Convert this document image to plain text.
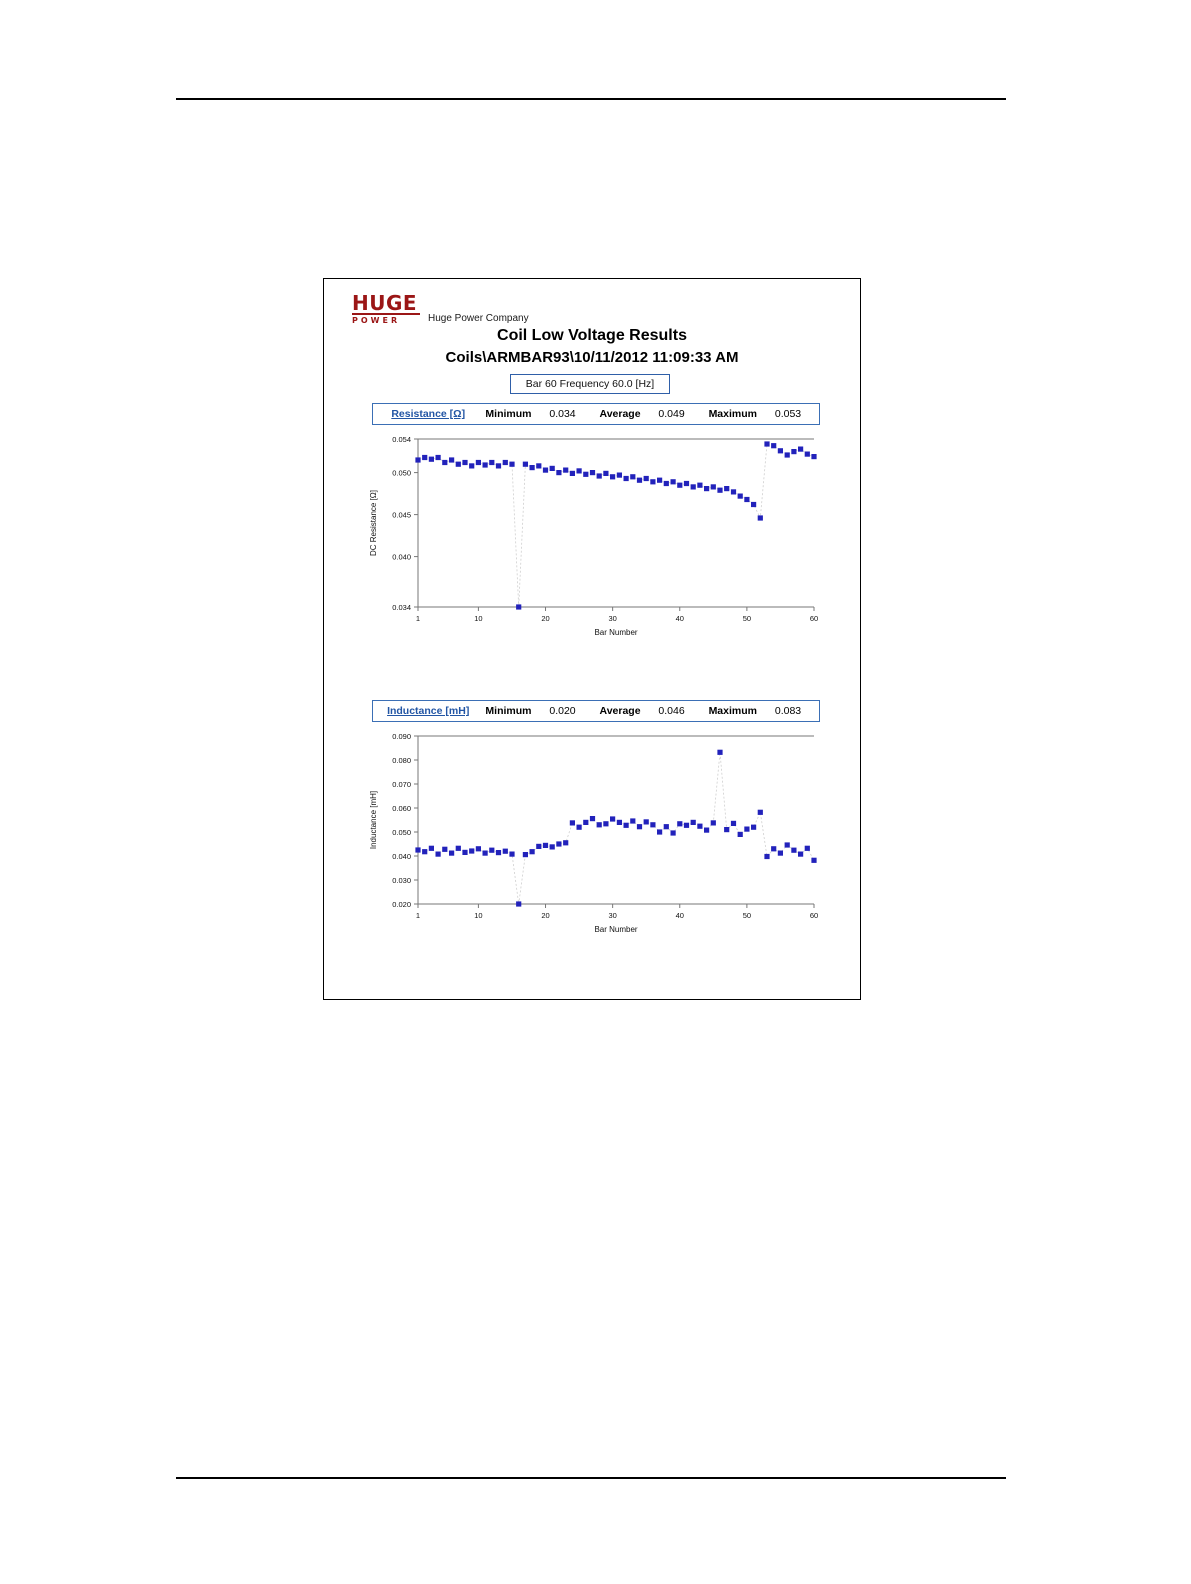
HUGE
POWER	Huge Power Company
Coil Low Voltage Results
Coils\ARMBAR93\10/11/2012 11:09:33 AM
Bar 60 Frequency 60.0 [Hz]
Resistance [Ω]	Minimum	0.034	Average	0.049	Maximum	0.053
0.034
0.040
0.045
0.050
0.054
1	10	20	30	40	50	60
Bar Number
DC Resistance [Ω]
Inductance [mH]	Minimum	0.020	Average	0.046	Maximum	0.083
0.020
0.030
0.040
0.050
0.060
0.070
0.080
0.090
1	10	20	30	40	50	60
Bar Number
Inductance [mH]
